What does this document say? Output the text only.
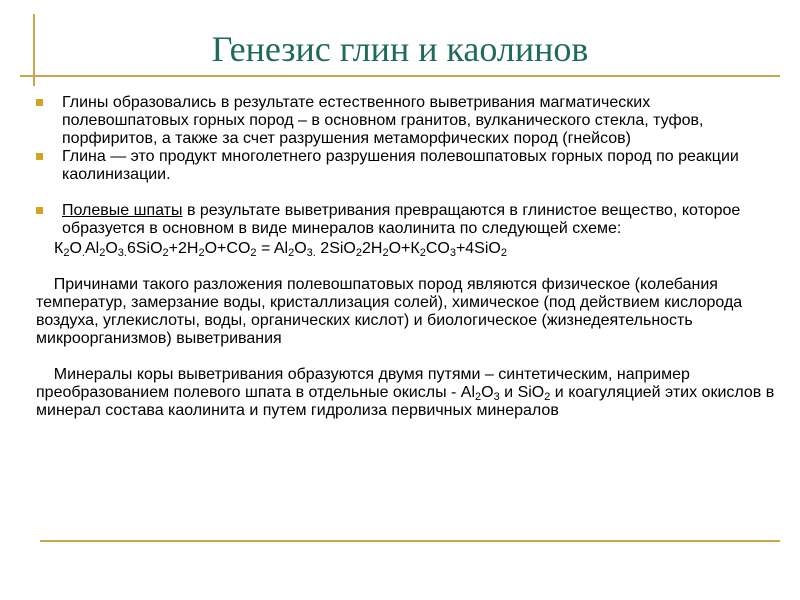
Генезис глин и каолинов
Глины образовались в результате естественного выветривания магматических полевошпатовых горных пород – в основном гранитов, вулканического стекла, туфов, порфиритов, а также за счет разрушения метаморфических пород (гнейсов)
Глина — это продукт многолетнего разрушения полевошпатовых горных пород по реакции каолинизации.
Полевые шпаты в результате выветривания превращаются в глинистое вещество, которое образуется в основном в виде минералов каолинита по следующей схеме:
$К_2O_.Al_2O_{3.}6SiO_2+2H_2O+CO_2 = Al_2O_{3.}$ $2SiO_22H_2O+К_2CO_3+4SiO_2$
Причинами такого разложения полевошпатовых пород являются физическое (колебания температур, замерзание воды, кристаллизация солей), химическое (под действием кислорода воздуха, углекислоты, воды, органических кислот) и биологическое (жизнедеятельность микроорганизмов) выветривания
Минералы коры выветривания образуются двумя путями – синтетическим, например преобразованием полевого шпата в отдельные окислы - $Al_2O_3$ и SiO$_2$ и коагуляцией этих окислов в минерал состава каолинита и путем гидролиза первичных минералов
